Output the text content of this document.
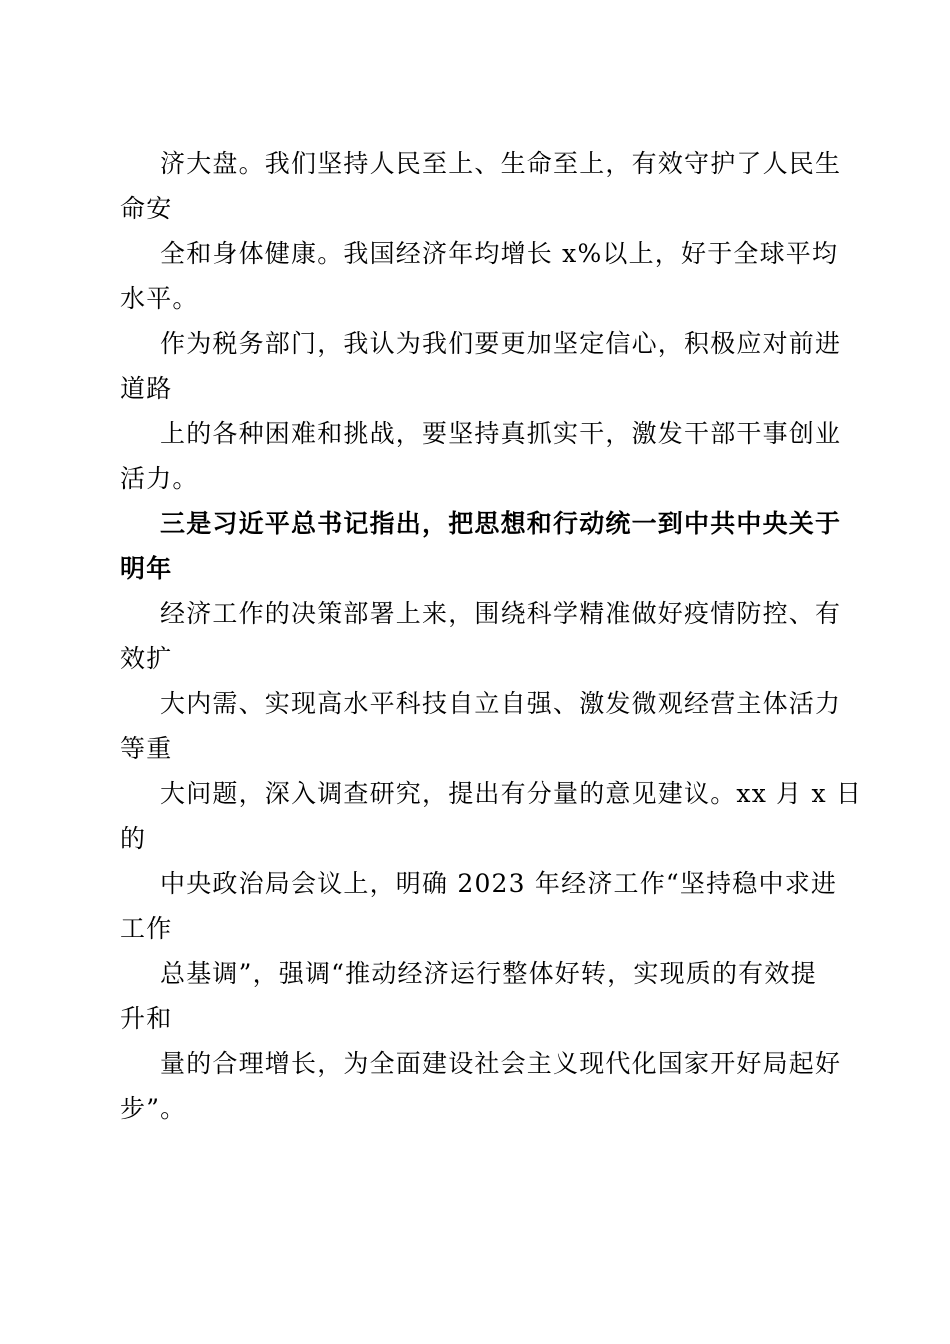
济大盘。我们坚持人民至上、生命至上，有效守护了人民生
命安
全和身体健康。我国经济年均增长 x%以上，好于全球平均
水平。
作为税务部门，我认为我们要更加坚定信心，积极应对前进
道路
上的各种困难和挑战，要坚持真抓实干，激发干部干事创业
活力。
三是习近平总书记指出，把思想和行动统一到中共中央关于
明年
经济工作的决策部署上来，围绕科学精准做好疫情防控、有
效扩
大内需、实现高水平科技自立自强、激发微观经营主体活力
等重
大问题，深入调查研究，提出有分量的意见建议。xx 月 x 日
的
中央政治局会议上，明确 2023 年经济工作“坚持稳中求进
工作
总基调”，强调“推动经济运行整体好转，实现质的有效提
升和
量的合理增长，为全面建设社会主义现代化国家开好局起好
步”。
